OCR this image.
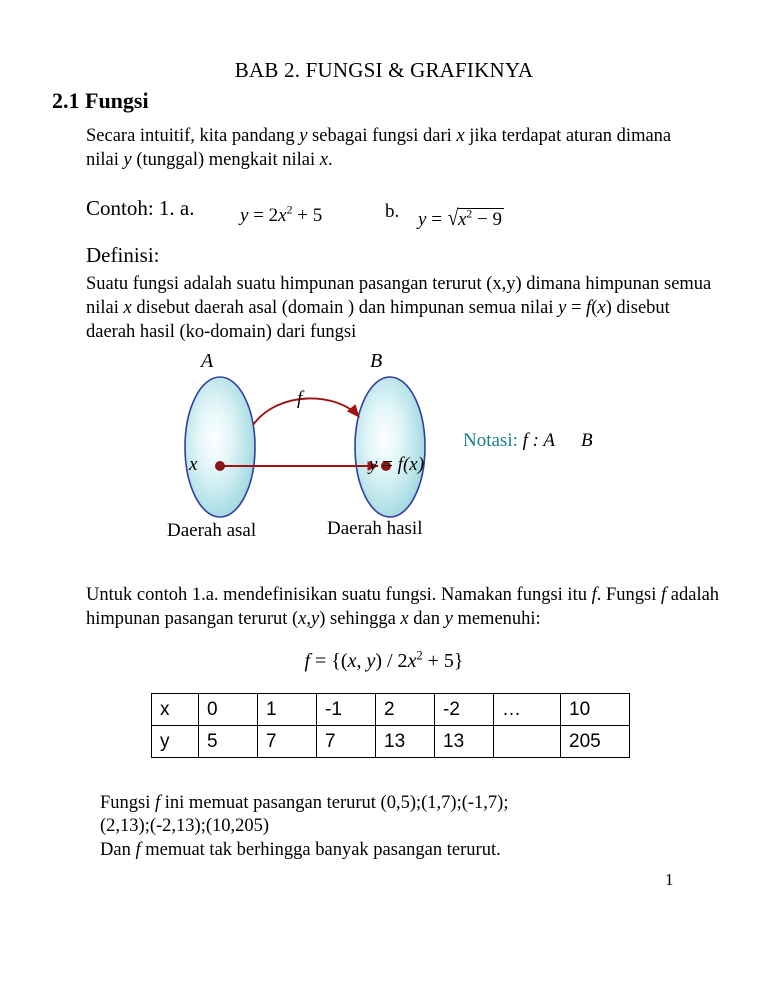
BAB 2. FUNGSI & GRAFIKNYA
2.1 Fungsi
Secara intuitif, kita pandang y sebagai fungsi dari x jika terdapat aturan dimana nilai y (tunggal) mengkait nilai x.
Contoh: 1. a. $y = 2x^2 + 5$	b. $y = √x^2 - 9$
Definisi:
Suatu fungsi adalah suatu himpunan pasangan terurut (x,y) dimana himpunan semua nilai x disebut daerah asal (domain ) dan himpunan semua nilai y = f(x) disebut daerah hasil (ko-domain) dari fungsi
A	B
f
x	y = f(x)
Daerah asal	Daerah hasil
Notasi: f : A B
Untuk contoh 1.a. mendefinisikan suatu fungsi. Namakan fungsi itu f. Fungsi f adalah himpunan pasangan terurut (x,y) sehingga x dan y memenuhi:
f = {(x, $y) / 2x^2 + 5$}
x	0	1	-1	2	-2	…	10
y	5	7	7	13	13		205
Fungsi f ini memuat pasangan terurut (0,5);(1,7);(-1,7);
(2,13);(-2,13);(10,205)
Dan f memuat tak berhingga banyak pasangan terurut.
1
